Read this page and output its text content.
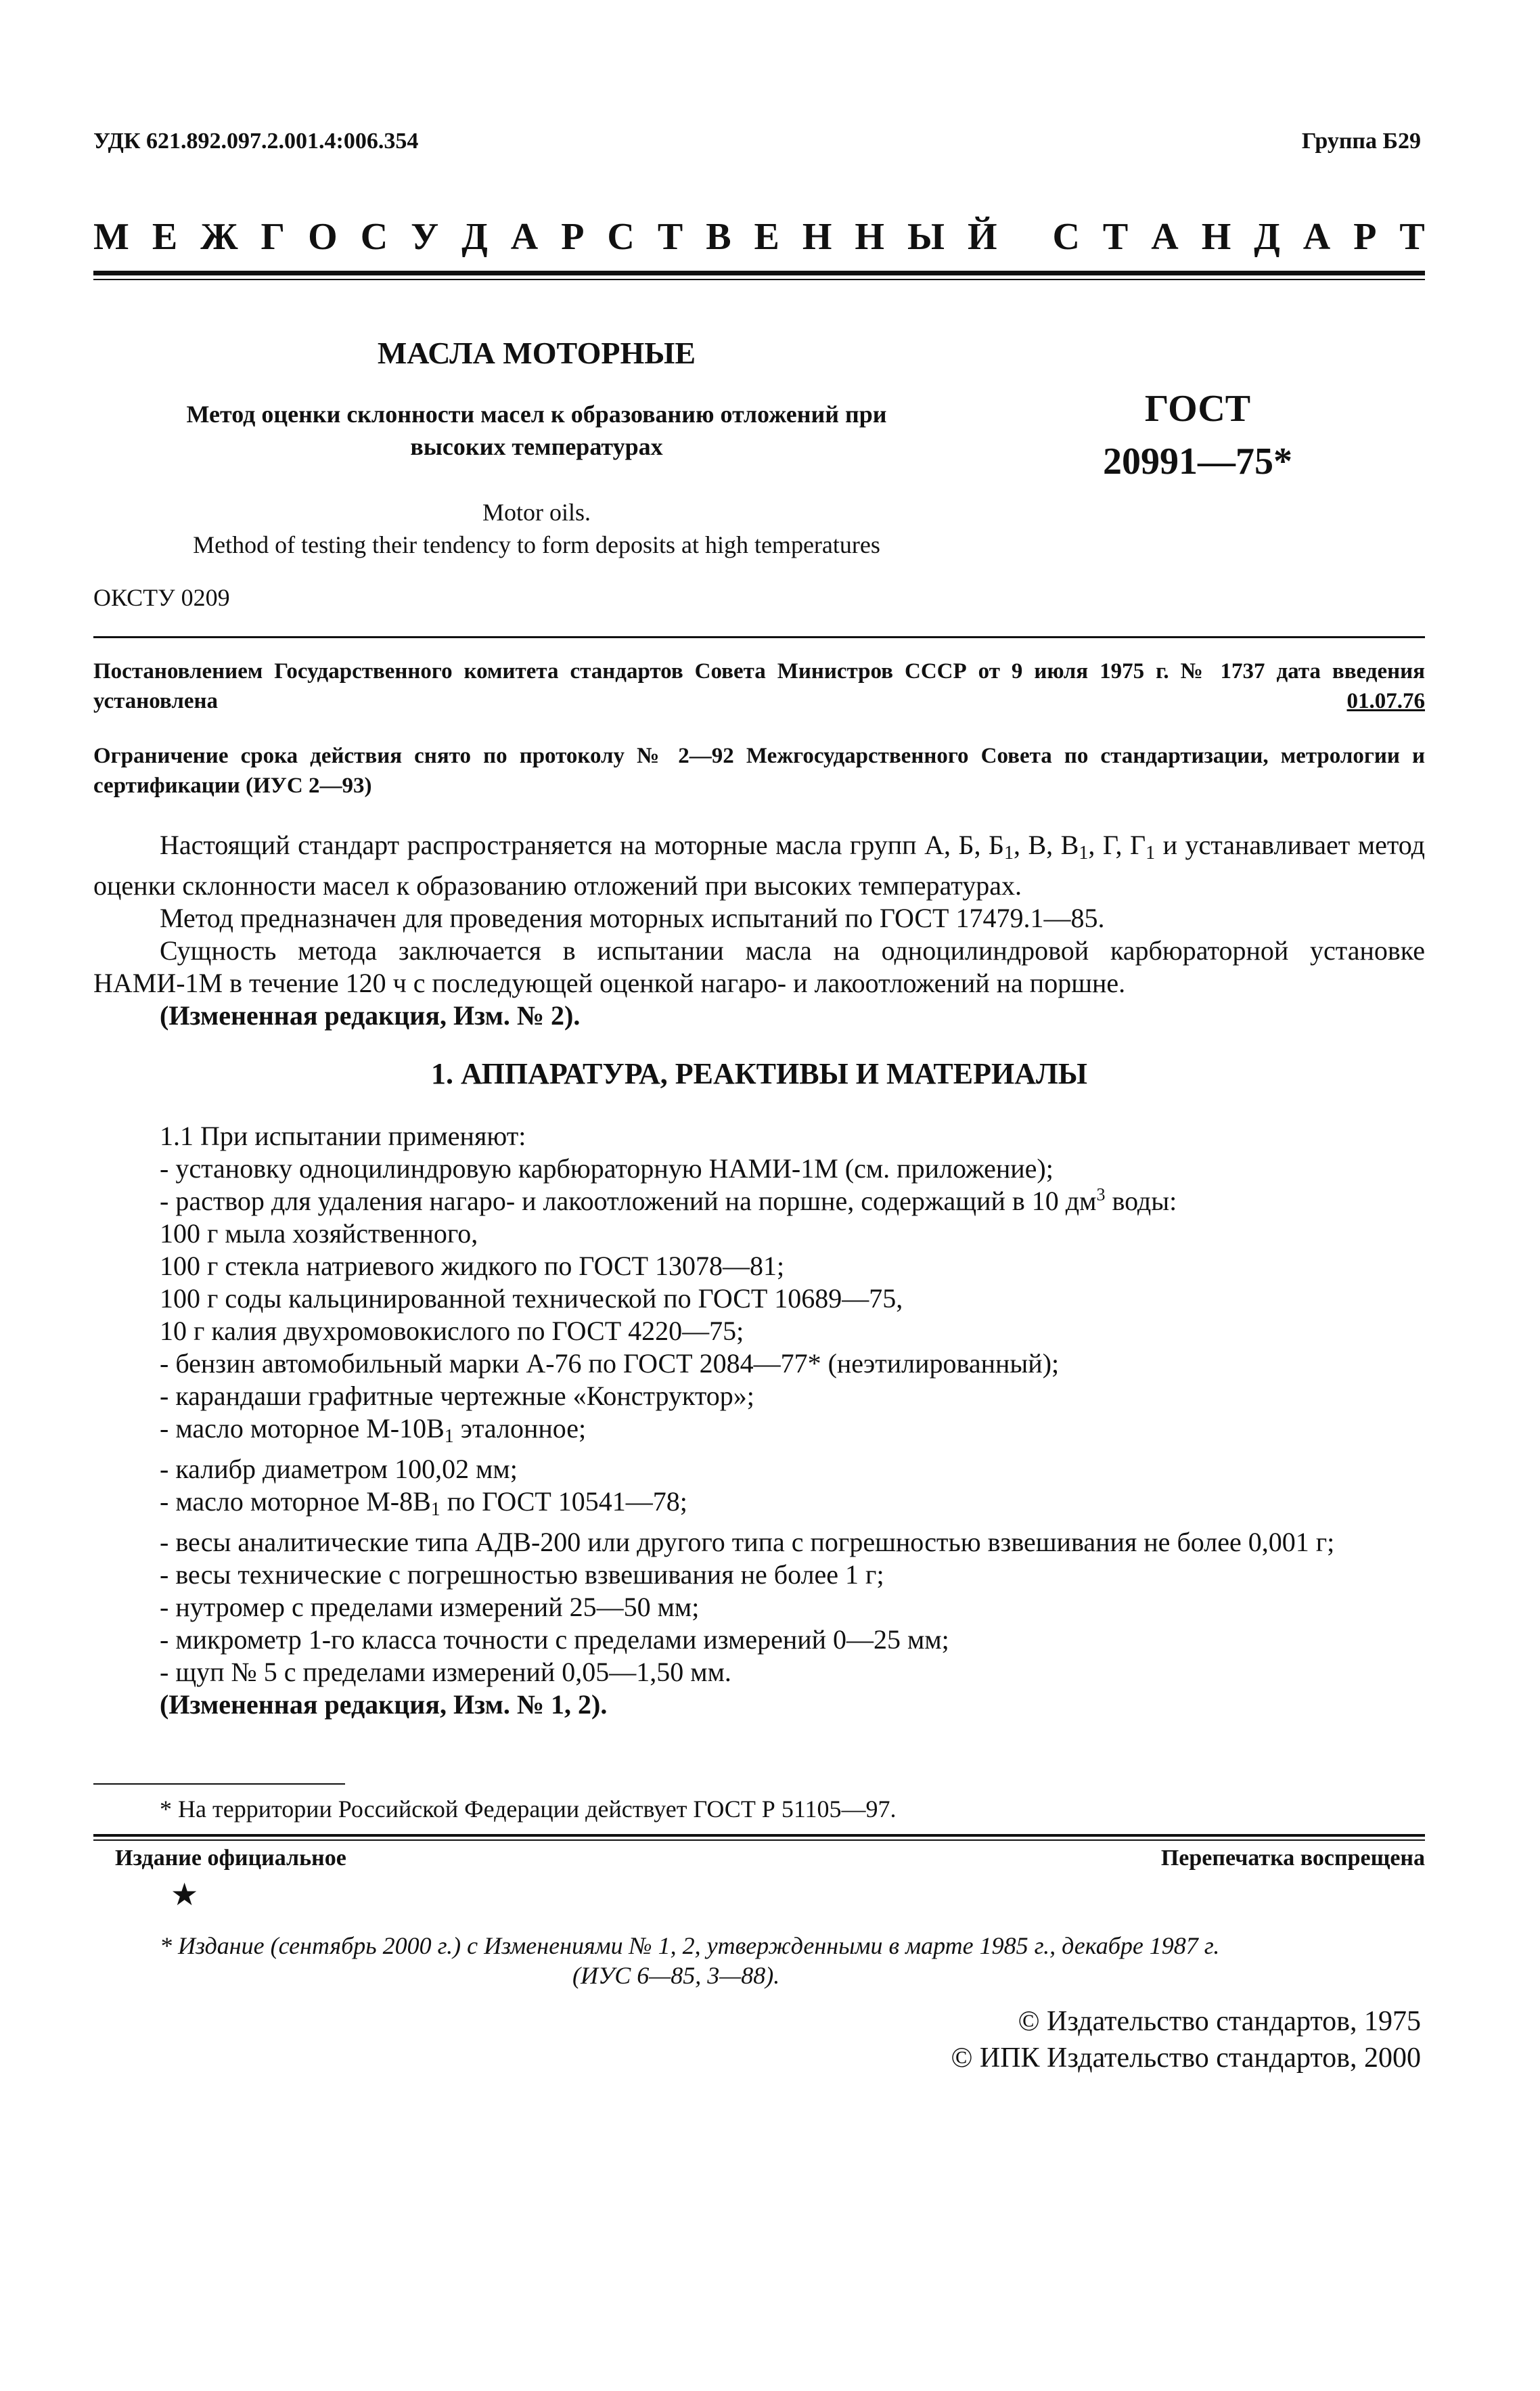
УДК 621.892.097.2.001.4:006.354	Группа Б29
М Е Ж Г О С У Д А Р С Т В Е Н Н Ы Й
С Т А Н Д А Р Т
МАСЛА МОТОРНЫЕ
Метод оценки склонности масел к образованию отложений при
высоких температурах
ГОСТ
20991—75*
Motor oils.
Method of testing their tendency to form deposits at high temperatures
ОКСТУ 0209
Постановлением Государственного комитета стандартов Совета Министров СССР от 9 июля 1975 г. № 1737 дата введения установлена	01.07.76
Ограничение срока действия снято по протоколу № 2—92 Межгосударственного Совета по стандартизации, метрологии и сертификации (ИУС 2—93)

Настоящий стандарт распространяется на моторные масла групп А, Б, $Б_1$, В, $В_1$, Г, $Г_1$ и устанавливает метод оценки склонности масел к образованию отложений при высоких температурах.

Метод предназначен для проведения моторных испытаний по ГОСТ 17479.1—85.

Сущность метода заключается в испытании масла на одноцилиндровой карбюраторной установке НАМИ-1М в течение 120 ч с последующей оценкой нагаро- и лакоотложений на поршне.

(Измененная редакция, Изм. № 2).

1. АППАРАТУРА, РЕАКТИВЫ И МАТЕРИАЛЫ

1.1 При испытании применяют:

- установку одноцилиндровую карбюраторную НАМИ-1М (см. приложение);

- раствор для удаления нагаро- и лакоотложений на поршне, содержащий в 10 $дм^3$ воды:

100 г мыла хозяйственного,

100 г стекла натриевого жидкого по ГОСТ 13078—81;

100 г соды кальцинированной технической по ГОСТ 10689—75,

10 г калия двухромовокислого по ГОСТ 4220—75;

- бензин автомобильный марки А-76 по ГОСТ 2084—77* (неэтилированный);

- карандаши графитные чертежные «Конструктор»;

- масло моторное $М-10В_1$ эталонное;

- калибр диаметром 100,02 мм;

- масло моторное $М-8В_1$ по ГОСТ 10541—78;

- весы аналитические типа АДВ-200 или другого типа с погрешностью взвешивания не более 0,001 г;

- весы технические с погрешностью взвешивания не более 1 г;

- нутромер с пределами измерений 25—50 мм;

- микрометр 1-го класса точности с пределами измерений 0—25 мм;

- щуп № 5 с пределами измерений 0,05—1,50 мм.

(Измененная редакция, Изм. № 1, 2).

* На территории Российской Федерации действует ГОСТ Р 51105—97.
Издание официальное	Перепечатка воспрещена
★
* Издание (сентябрь 2000 г.) с Изменениями № 1, 2, утвержденными в марте 1985 г., декабре 1987 г.
(ИУС 6—85, 3—88).
© Издательство стандартов, 1975
© ИПК Издательство стандартов, 2000
